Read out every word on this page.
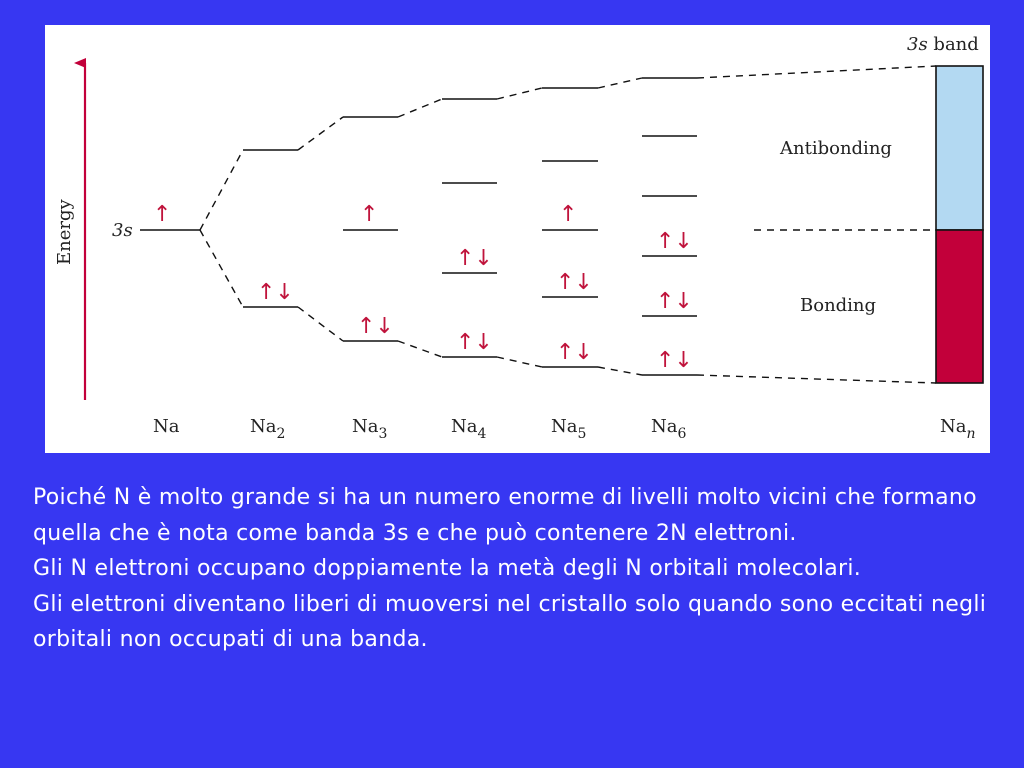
Energy 3s
↑
↑↓
↑
↑↓
↑↓
↑↓
↑
↑↓
↑↓
↑↓
↑↓
↑↓
Antibonding
Bonding
3s band
Na	$Na_2$	$Na_3$	$Na_4$	$Na_5$	$Na_6$	$Na_n$

Poiché N è molto grande si ha un numero enorme di livelli molto vicini che formano quella che è nota come banda 3s e che può contenere 2N elettroni.

Gli N elettroni occupano doppiamente la metà degli N orbitali molecolari.

Gli elettroni diventano liberi di muoversi nel cristallo solo quando sono eccitati negli orbitali non occupati di una banda.
